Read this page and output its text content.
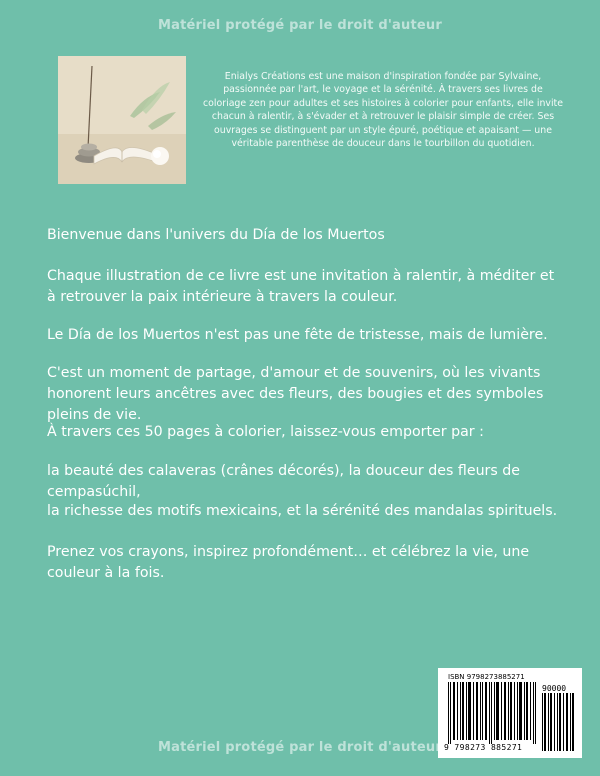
Matériel protégé par le droit d'auteur
Enialys Créations est une maison d'inspiration fondée par Sylvaine, passionnée par l'art, le voyage et la sérénité. À travers ses livres de coloriage zen pour adultes et ses histoires à colorier pour enfants, elle invite chacun à ralentir, à s'évader et à retrouver le plaisir simple de créer. Ses ouvrages se distinguent par un style épuré, poétique et apaisant — une véritable parenthèse de douceur dans le tourbillon du quotidien.
Bienvenue dans l'univers du Día de los Muertos
Chaque illustration de ce livre est une invitation à ralentir, à méditer et à retrouver la paix intérieure à travers la couleur.
Le Día de los Muertos n'est pas une fête de tristesse, mais de lumière.
C'est un moment de partage, d'amour et de souvenirs, où les vivants honorent leurs ancêtres avec des fleurs, des bougies et des symboles pleins de vie.
À travers ces 50 pages à colorier, laissez-vous emporter par :
la beauté des calaveras (crânes décorés), la douceur des fleurs de cempasúchil,
la richesse des motifs mexicains, et la sérénité des mandalas spirituels.
Prenez vos crayons, inspirez profondément… et célébrez la vie, une couleur à la fois.
ISBN 9798273885271
90000
9 798273 885271
Matériel protégé par le droit d'auteur
